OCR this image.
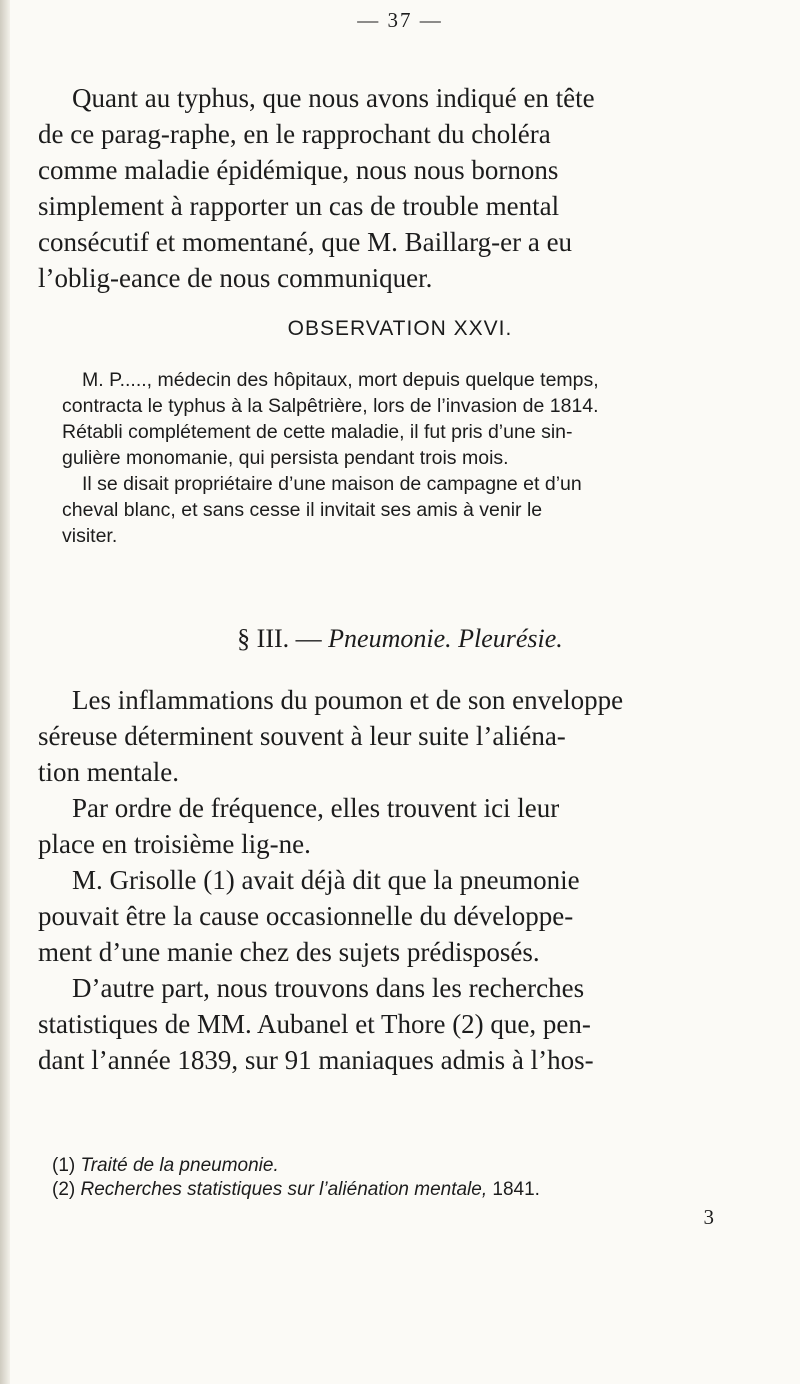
— 37 —
Quant au typhus, que nous avons indiqué en tête
de ce parag‑raphe, en le rapprochant du choléra
comme maladie épidémique, nous nous bornons
simplement à rapporter un cas de trouble mental
consécutif et momentané, que M. Baillarg‑er a eu
l’oblig‑eance de nous communiquer.
OBSERVATION XXVI.
M. P....., médecin des hôpitaux, mort depuis quelque temps,
contracta le typhus à la Salpêtrière, lors de l’invasion de 1814.
Rétabli complétement de cette maladie, il fut pris d’une sin-
gulière monomanie, qui persista pendant trois mois.
Il se disait propriétaire d’une maison de campagne et d’un
cheval blanc, et sans cesse il invitait ses amis à venir le
visiter.
§ III. — Pneumonie. Pleurésie.
Les inflammations du poumon et de son enveloppe
séreuse déterminent souvent à leur suite l’aliéna-
tion mentale.
Par ordre de fréquence, elles trouvent ici leur
place en troisième lig‑ne.
M. Grisolle (1) avait déjà dit que la pneumonie
pouvait être la cause occasionnelle du développe-
ment d’une manie chez des sujets prédisposés.
D’autre part, nous trouvons dans les recherches
statistiques de MM. Aubanel et Thore (2) que, pen-
dant l’année 1839, sur 91 maniaques admis à l’hos-
(1) Traité de la pneumonie.
(2) Recherches statistiques sur l’aliénation mentale, 1841.
3
